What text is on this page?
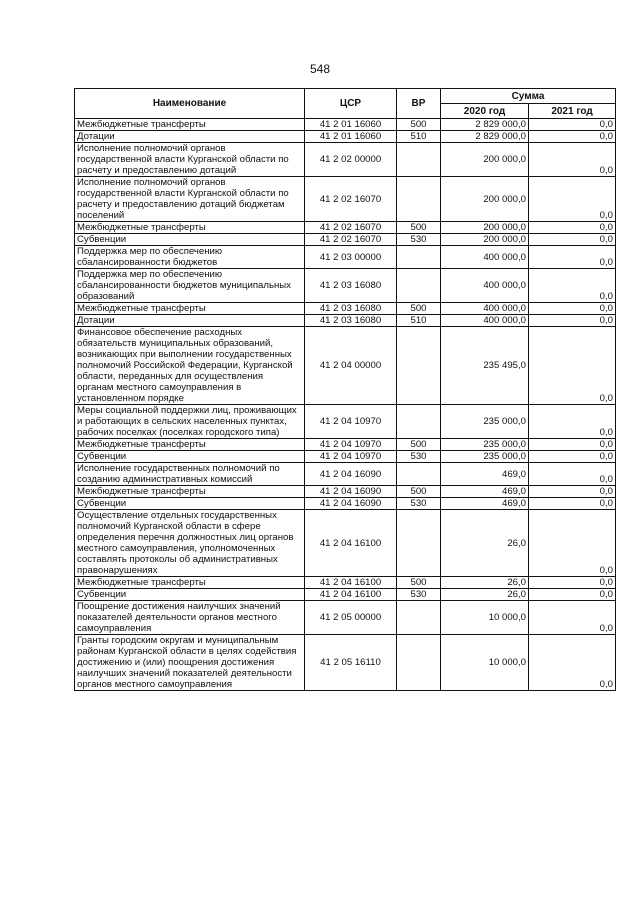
548
Наименование	ЦСР	ВР	Сумма	
			2020 год	2021 год
Межбюджетные трансферты	41 2 01 16060	500	2 829 000,0	0,0
Дотации	41 2 01 16060	510	2 829 000,0	0,0
Исполнение полномочий органов государственной власти Курганской области по расчету и предоставлению дотаций	41 2 02 00000		200 000,0	0,0
Исполнение полномочий органов государственной власти Курганской области по расчету и предоставлению дотаций бюджетам поселений	41 2 02 16070		200 000,0	0,0
Межбюджетные трансферты	41 2 02 16070	500	200 000,0	0,0
Субвенции	41 2 02 16070	530	200 000,0	0,0
Поддержка мер по обеспечению сбалансированности бюджетов	41 2 03 00000		400 000,0	0,0
Поддержка мер по обеспечению сбалансированности бюджетов муниципальных образований	41 2 03 16080		400 000,0	0,0
Межбюджетные трансферты	41 2 03 16080	500	400 000,0	0,0
Дотации	41 2 03 16080	510	400 000,0	0,0
Финансовое обеспечение расходных обязательств муниципальных образований, возникающих при выполнении государственных полномочий Российской Федерации, Курганской области, переданных для осуществления органам местного самоуправления в установленном порядке	41 2 04 00000		235 495,0	0,0
Меры социальной поддержки лиц, проживающих и работающих в сельских населенных пунктах, рабочих поселках (поселках городского типа)	41 2 04 10970		235 000,0	0,0
Межбюджетные трансферты	41 2 04 10970	500	235 000,0	0,0
Субвенции	41 2 04 10970	530	235 000,0	0,0
Исполнение государственных полномочий по созданию административных комиссий	41 2 04 16090		469,0	0,0
Межбюджетные трансферты	41 2 04 16090	500	469,0	0,0
Субвенции	41 2 04 16090	530	469,0	0,0
Осуществление отдельных государственных полномочий Курганской области в сфере определения перечня должностных лиц органов местного самоуправления, уполномоченных составлять протоколы об административных правонарушениях	41 2 04 16100		26,0	0,0
Межбюджетные трансферты	41 2 04 16100	500	26,0	0,0
Субвенции	41 2 04 16100	530	26,0	0,0
Поощрение достижения наилучших значений показателей деятельности органов местного самоуправления	41 2 05 00000		10 000,0	0,0
Гранты городским округам и муниципальным районам Курганской области в целях содействия достижению и (или) поощрения достижения наилучших значений показателей деятельности органов местного самоуправления	41 2 05 16110		10 000,0	0,0
